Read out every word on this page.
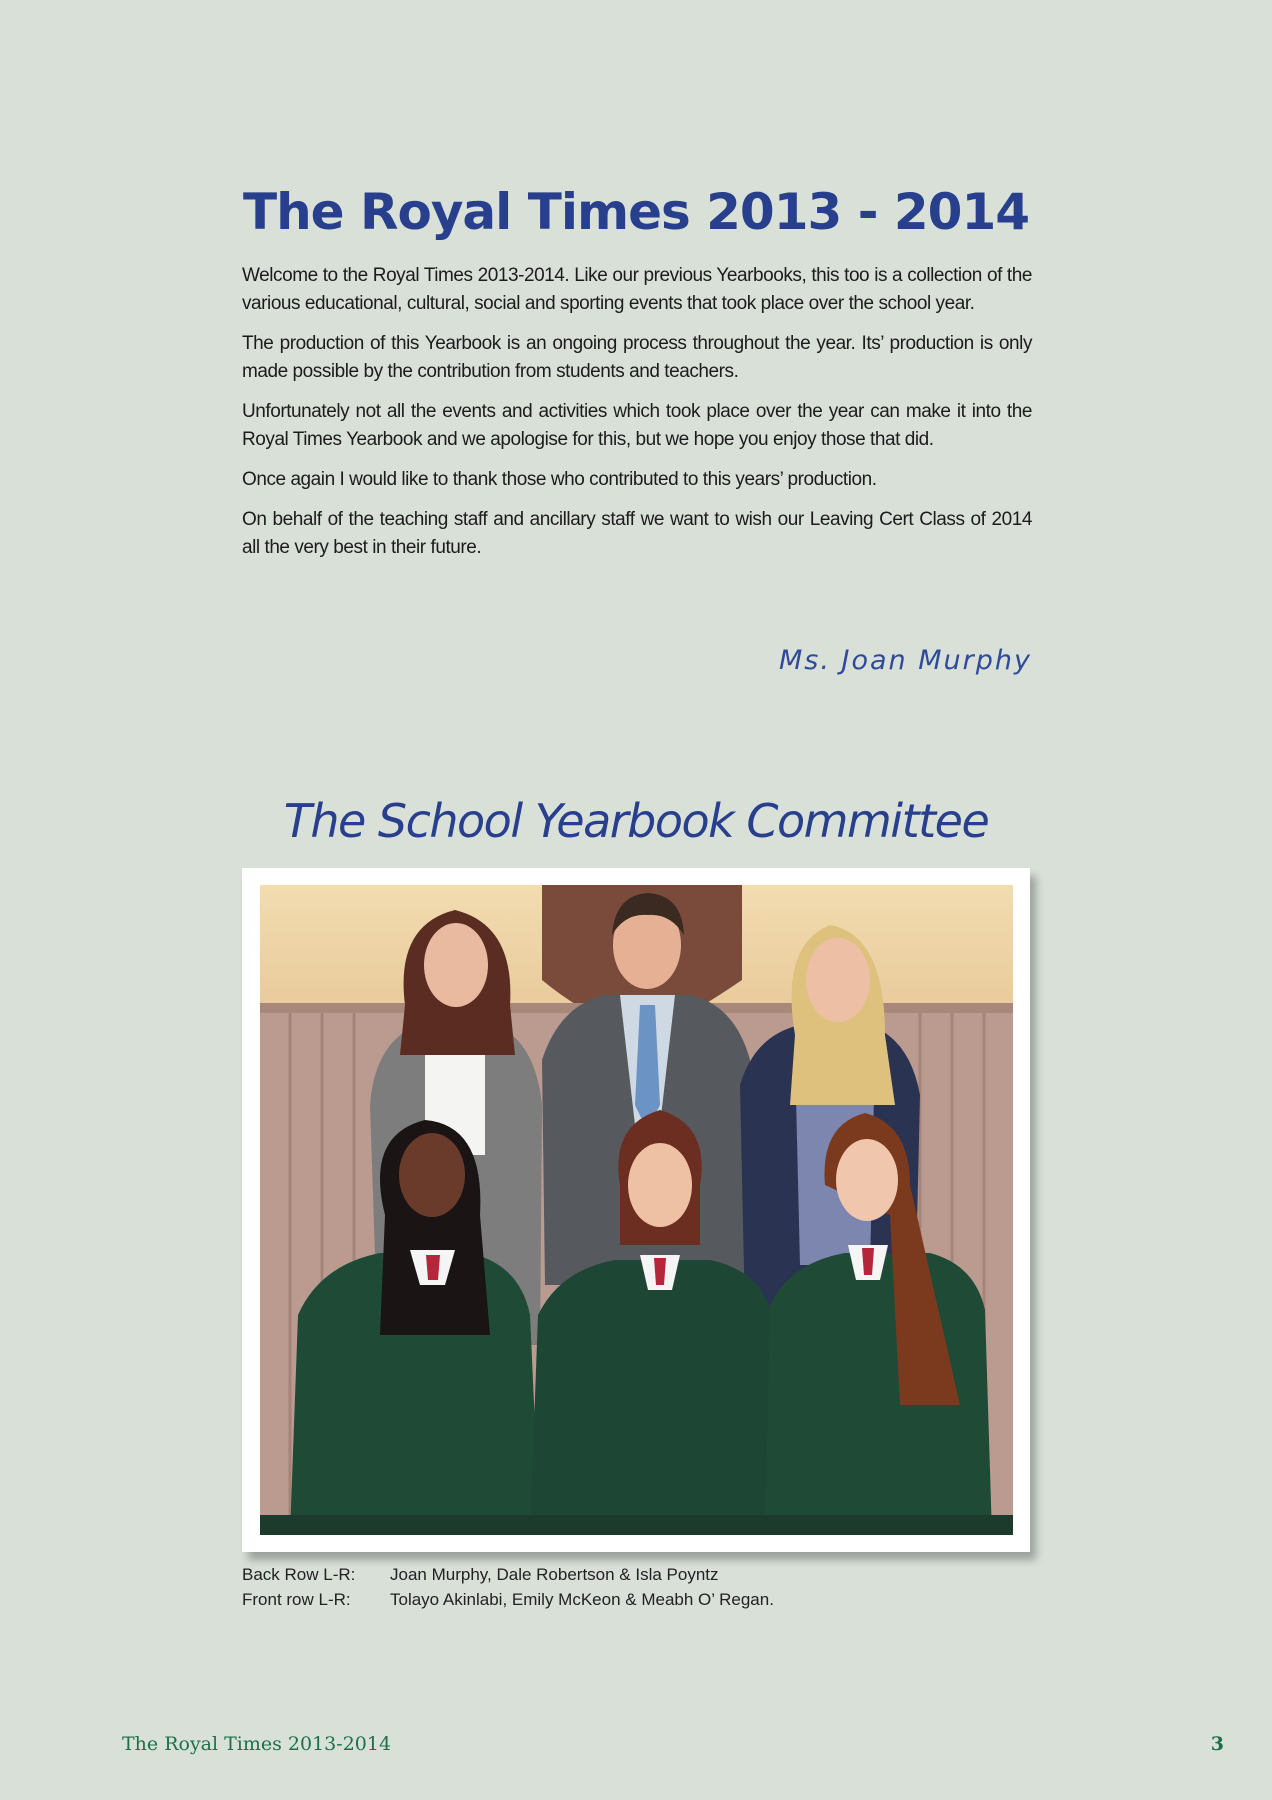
The Royal Times 2013 - 2014

Welcome to the Royal Times 2013-2014. Like our previous Yearbooks, this too is a collection of the various educational, cultural, social and sporting events that took place over the school year.

The production of this Yearbook is an ongoing process throughout the year. Its’ production is only made possible by the contribution from students and teachers.

Unfortunately not all the events and activities which took place over the year can make it into the Royal Times Yearbook and we apologise for this, but we hope you enjoy those that did.

Once again I would like to thank those who contributed to this years’ production.

On behalf of the teaching staff and ancillary staff we want to wish our Leaving Cert Class of 2014 all the very best in their future.

Ms. Joan Murphy

The School Yearbook Committee
Back Row L-R:	Joan Murphy, Dale Robertson & Isla Poyntz
Front row L-R:	Tolayo Akinlabi, Emily McKeon & Meabh O’ Regan.
The Royal Times 2013-2014	3
